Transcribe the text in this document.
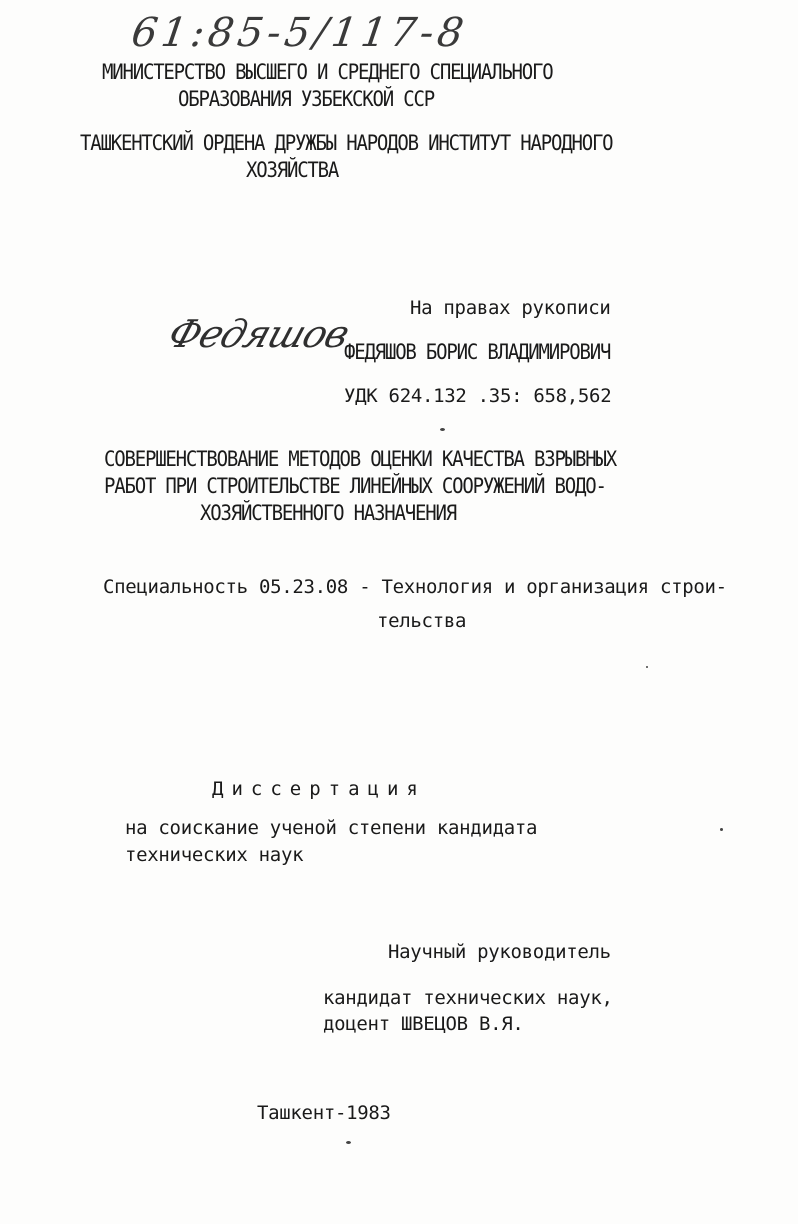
61:85-5/117-8
МИНИСТЕРСТВО ВЫСШЕГО И СРЕДНЕГО СПЕЦИАЛЬНОГО
ОБРАЗОВАНИЯ УЗБЕКСКОЙ ССР
ТАШКЕНТСКИЙ ОРДЕНА ДРУЖБЫ НАРОДОВ ИНСТИТУТ НАРОДНОГО
ХОЗЯЙСТВА
На правах рукописи
Федяшов
ФЕДЯШОВ БОРИС ВЛАДИМИРОВИЧ
УДК 624.132 .35: 658,562
СОВЕРШЕНСТВОВАНИЕ МЕТОДОВ ОЦЕНКИ КАЧЕСТВА ВЗРЫВНЫХ
РАБОТ ПРИ СТРОИТЕЛЬСТВЕ ЛИНЕЙНЫХ СООРУЖЕНИЙ ВОДО-
ХОЗЯЙСТВЕННОГО НАЗНАЧЕНИЯ
Специальность 05.23.08 - Технология и организация строи-
тельства
Диссертация
на соискание ученой степени кандидата
технических наук
Научный руководитель
кандидат технических наук,
доцент ШВЕЦОВ В.Я.
Ташкент-1983
